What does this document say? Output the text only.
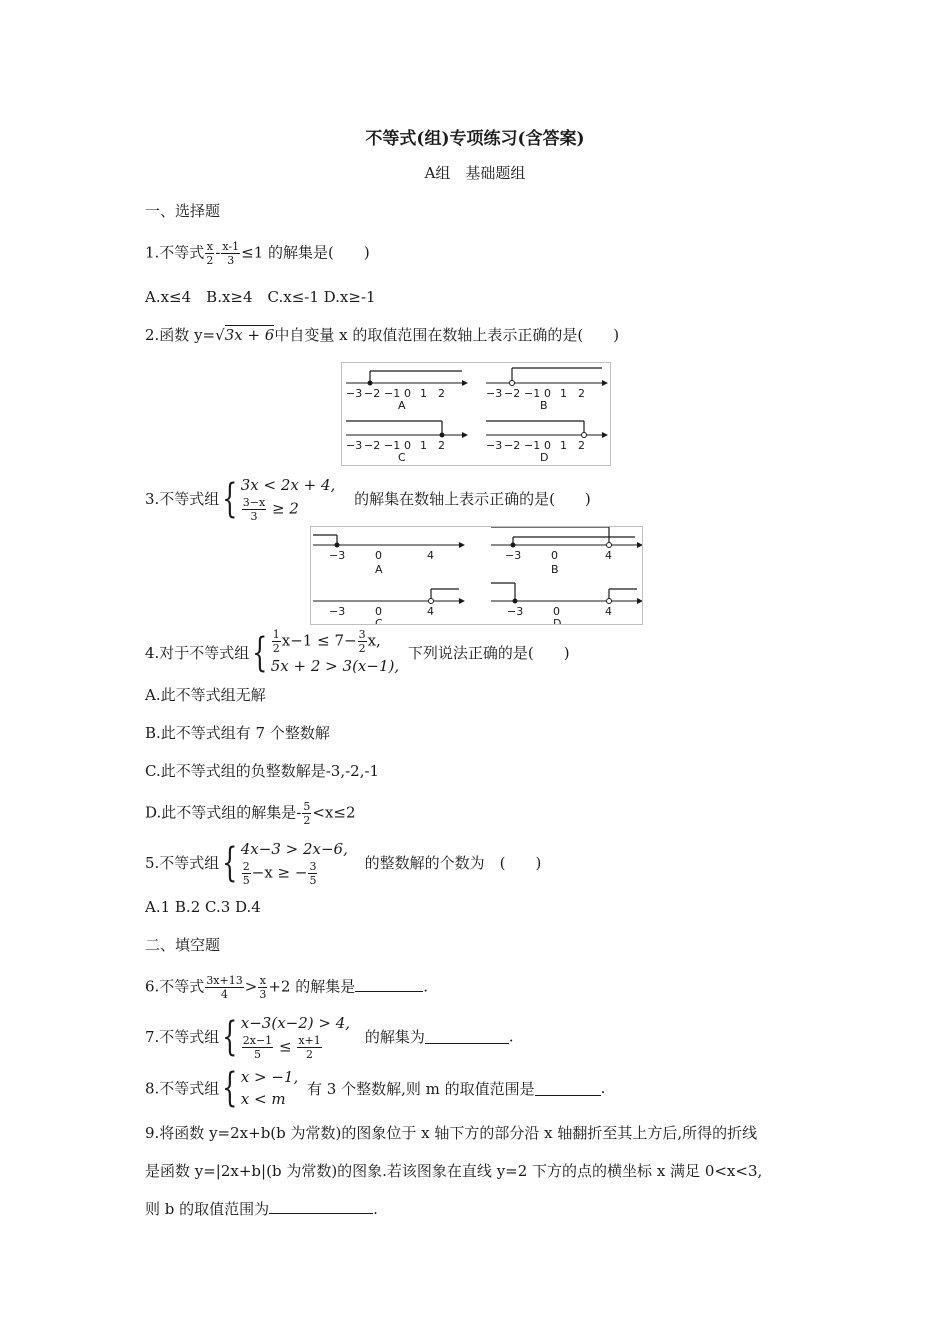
不等式(组)专项练习(含答案)
A组　基础题组
一、选择题
1.不等式 $\frac{x}{2} - \frac{x-1}{3} \le 1$ 的解集是(　　)
A.x≤4　B.x≥4　C.x≤-1 D.x≥-1
2.函数 y=√3x + 6中自变量 x 的取值范围在数轴上表示正确的是(　　)
−3 −2 −1 0 1 2
A
−3 −2 −1 0 1 2
B
−3 −2 −1 0 1 2
C
−3 −2 −1 0 1 2
D
3.不等式组{ 3x < 2x + 4,
$\frac{3-x}{3} \ge 2$
的解集在数轴上表示正确的是(　　)
−3	0	4
A
−3	0	4
B
−3	0	4
C
−3	0	4
D
4.对于不等式组{ $\frac{1}{2} x-1 \le 7- \frac{3}{2} x$,
5x + 2 > 3(x−1),
下列说法正确的是(　　)
A.此不等式组无解
B.此不等式组有 7 个整数解
C.此不等式组的负整数解是-3,-2,-1
D.此不等式组的解集是- $\frac{5}{2} <x\le 2$
5.不等式组{ 4x−3 > 2x−6,
$\frac{2}{5} -x$ ≥ − $\frac{3}{5}$	的整数解的个数为　(　　)
A.1 B.2 C.3 D.4
二、填空题
6.不等式 $\frac{3x+13}{4} > \frac{x}{3} +2$ 的解集是	.
7.不等式组{ x−3(x−2) > 4,
$\frac{2x-1}{5} \le \frac{x+1}{2}$	的解集为	.
8.不等式组{ x > −1,
x < m
有 3 个整数解,则 m 的取值范围是	.
9.将函数 y=2x+b(b 为常数)的图象位于 x 轴下方的部分沿 x 轴翻折至其上方后,所得的折线
是函数 y=|2x+b|(b 为常数)的图象.若该图象在直线 y=2 下方的点的横坐标 x 满足 0<x<3,
则 b 的取值范围为	.
